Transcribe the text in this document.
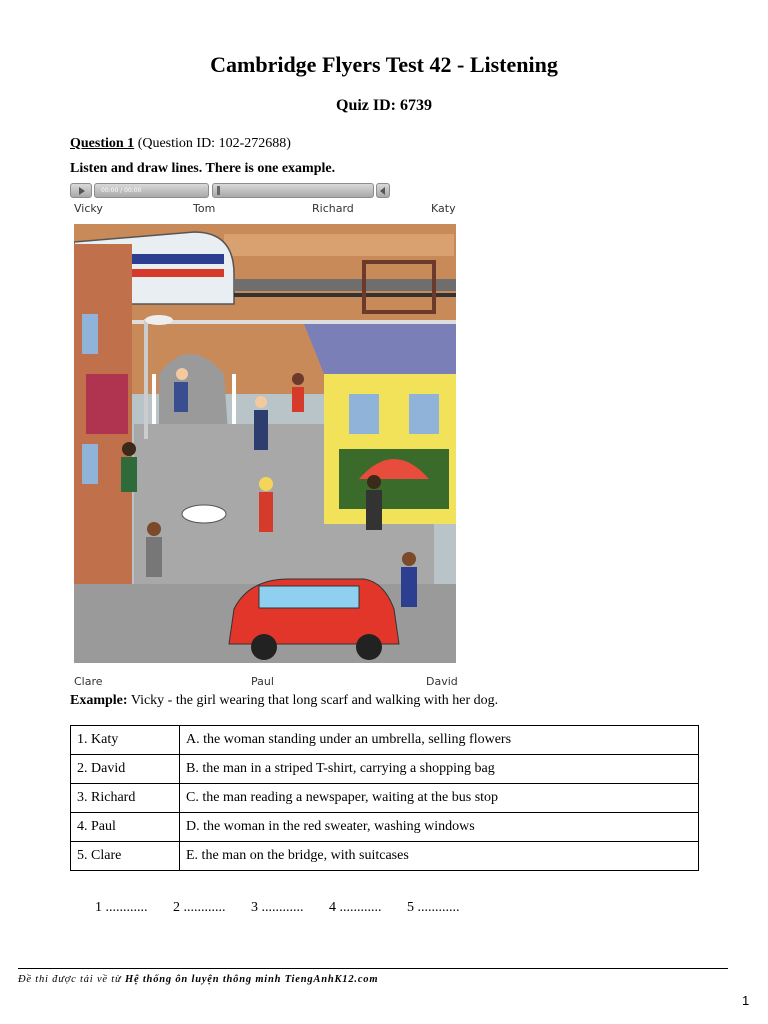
Cambridge Flyers Test 42 - Listening
Quiz ID: 6739
Question 1 (Question ID: 102-272688)
Listen and draw lines. There is one example.
00:00 / 00:00
Vicky	Tom	Richard	Katy
Clare	Paul	David
Example: Vicky - the girl wearing that long scarf and walking with her dog.
1. Katy	A. the woman standing under an umbrella, selling flowers
2. David	B. the man in a striped T-shirt, carrying a shopping bag
3. Richard	C. the man reading a newspaper, waiting at the bus stop
4. Paul	D. the woman in the red sweater, washing windows
5. Clare	E. the man on the bridge, with suitcases
1 ............ 2 ............ 3 ............ 4 ............ 5 ............
Đề thi được tải về từ Hệ thống ôn luyện thông minh TiengAnhK12.com
1
